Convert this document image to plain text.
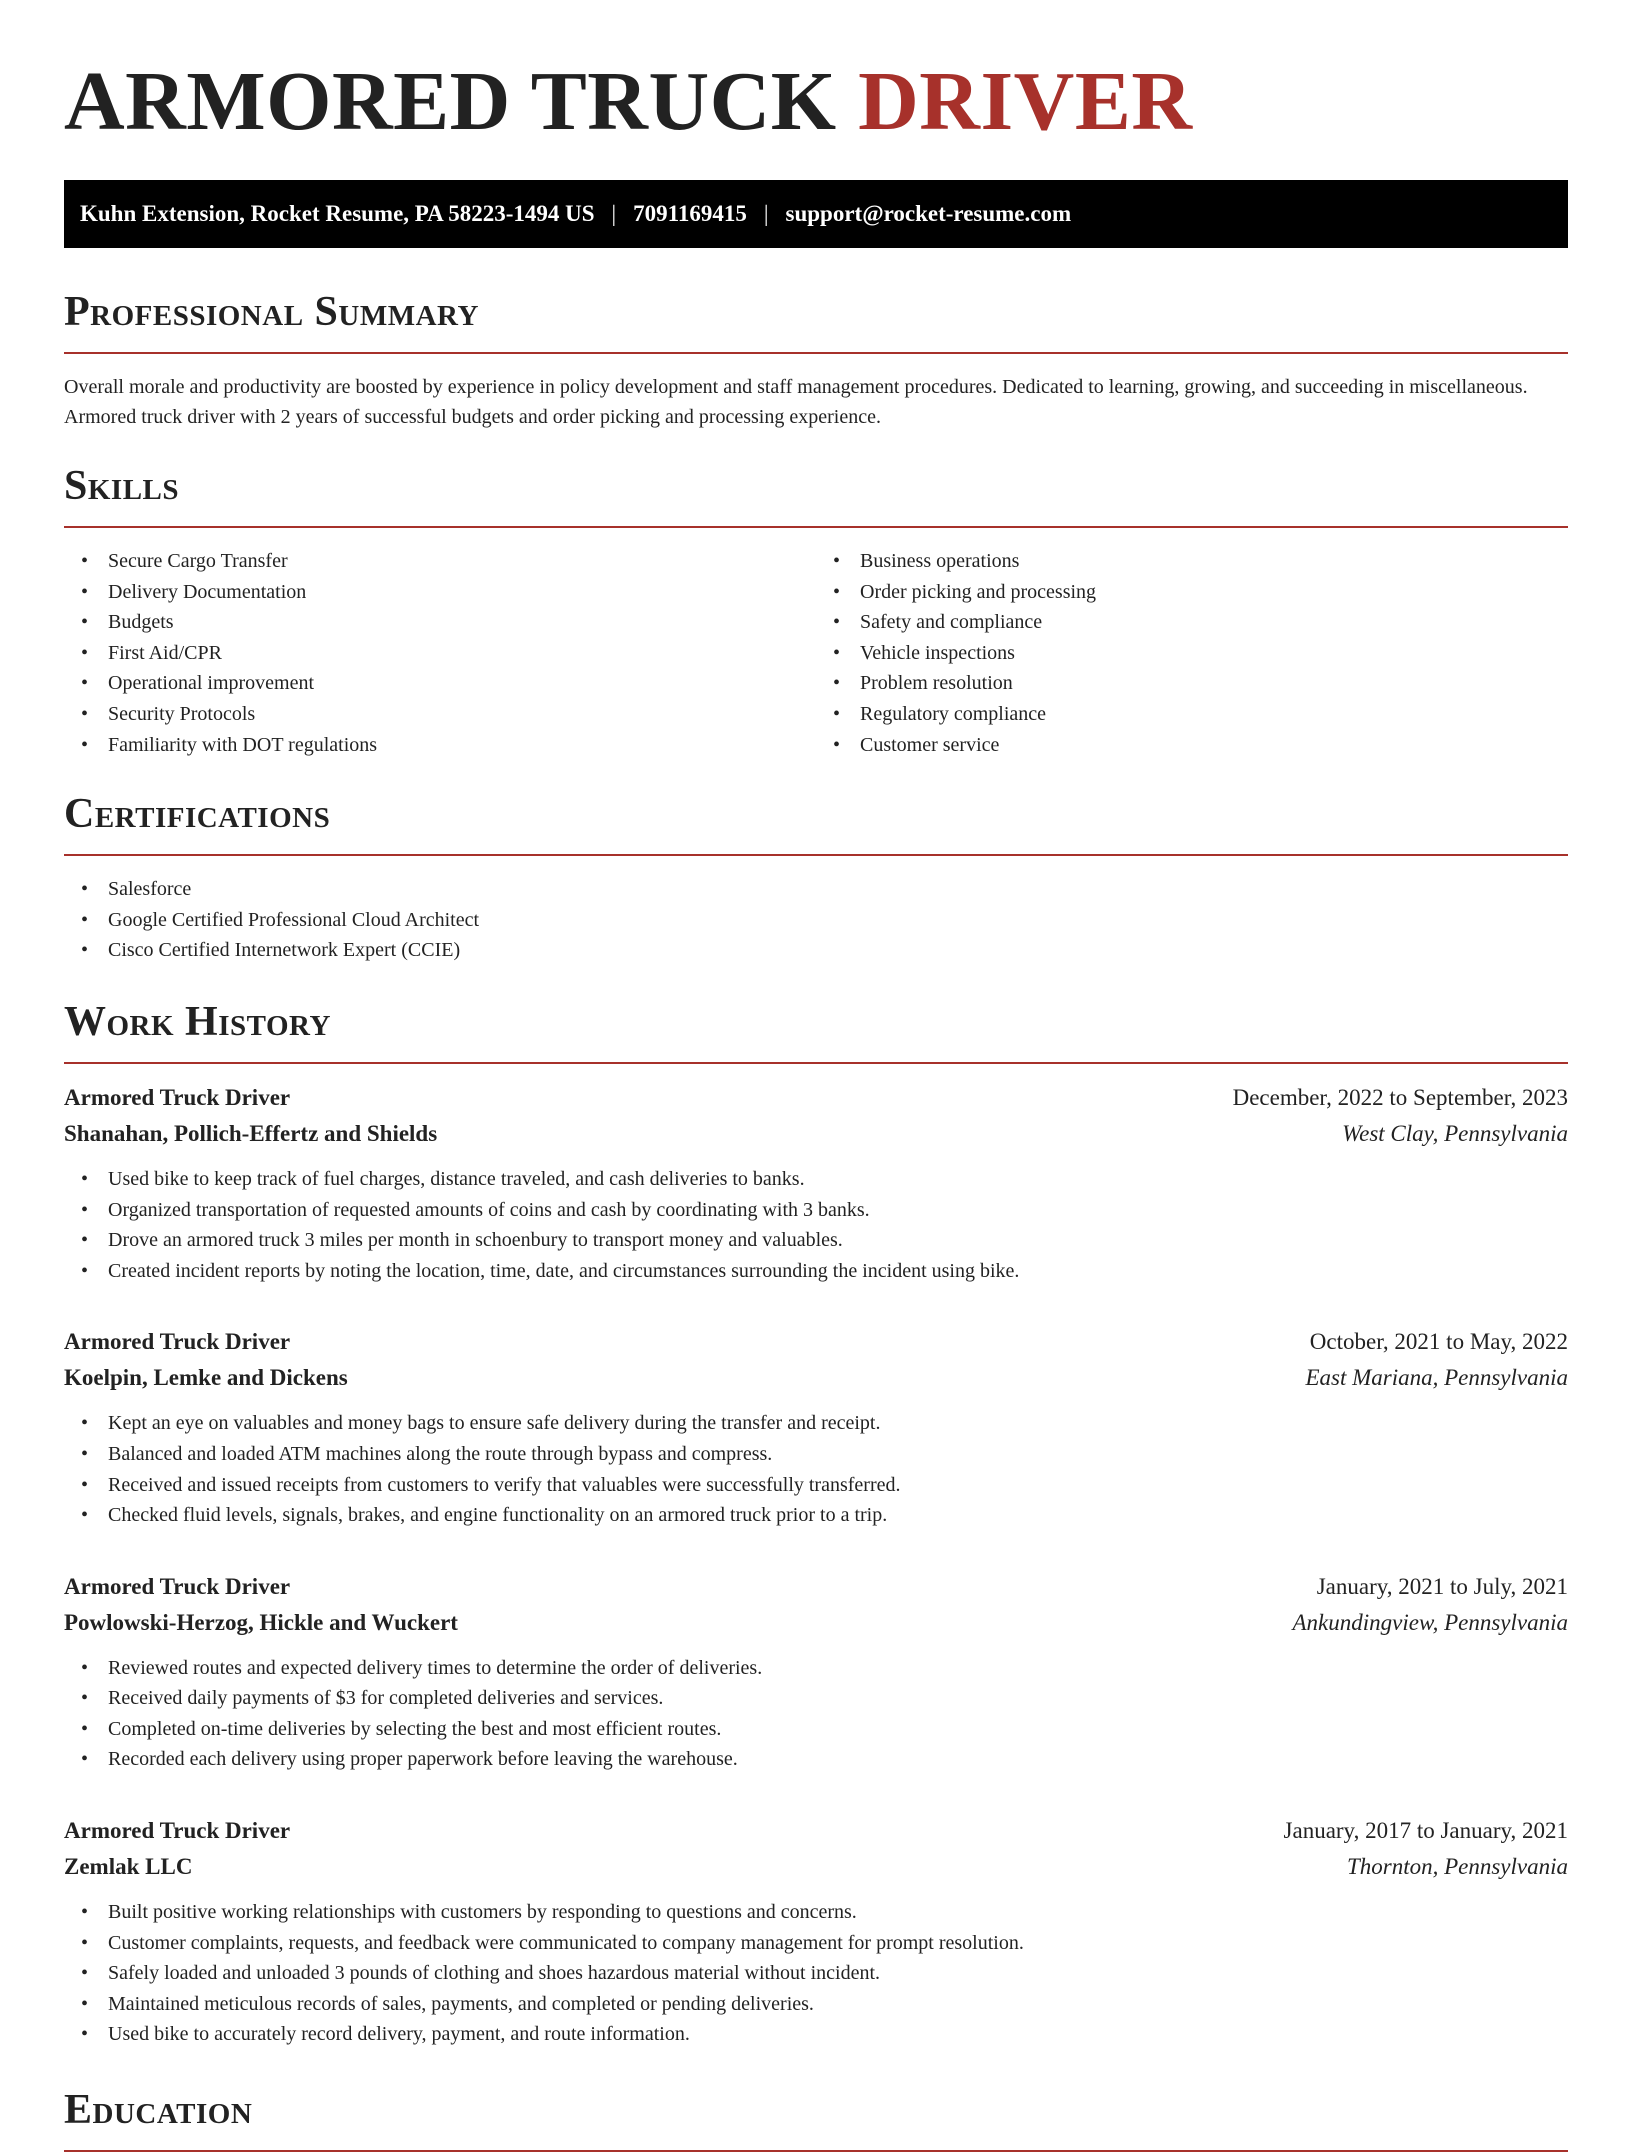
ARMORED TRUCK DRIVER
Kuhn Extension, Rocket Resume, PA 58223-1494 US | 7091169415 | support@rocket-resume.com
Professional Summary

Overall morale and productivity are boosted by experience in policy development and staff management procedures. Dedicated to learning, growing, and succeeding in miscellaneous. Armored truck driver with 2 years of successful budgets and order picking and processing experience.

Skills
• Secure Cargo Transfer
• Delivery Documentation
• Budgets
• First Aid/CPR
• Operational improvement
• Security Protocols
• Familiarity with DOT regulations
• Business operations
• Order picking and processing
• Safety and compliance
• Vehicle inspections
• Problem resolution
• Regulatory compliance
• Customer service
Certifications
• Salesforce
• Google Certified Professional Cloud Architect
• Cisco Certified Internetwork Expert (CCIE)
Work History
Armored Truck Driver	December, 2022 to September, 2023
Shanahan, Pollich-Effertz and Shields	West Clay, Pennsylvania
• Used bike to keep track of fuel charges, distance traveled, and cash deliveries to banks.
• Organized transportation of requested amounts of coins and cash by coordinating with 3 banks.
• Drove an armored truck 3 miles per month in schoenbury to transport money and valuables.
• Created incident reports by noting the location, time, date, and circumstances surrounding the incident using bike.
Armored Truck Driver	October, 2021 to May, 2022
Koelpin, Lemke and Dickens	East Mariana, Pennsylvania
• Kept an eye on valuables and money bags to ensure safe delivery during the transfer and receipt.
• Balanced and loaded ATM machines along the route through bypass and compress.
• Received and issued receipts from customers to verify that valuables were successfully transferred.
• Checked fluid levels, signals, brakes, and engine functionality on an armored truck prior to a trip.
Armored Truck Driver	January, 2021 to July, 2021
Powlowski-Herzog, Hickle and Wuckert	Ankundingview, Pennsylvania
• Reviewed routes and expected delivery times to determine the order of deliveries.
• Received daily payments of $3 for completed deliveries and services.
• Completed on-time deliveries by selecting the best and most efficient routes.
• Recorded each delivery using proper paperwork before leaving the warehouse.
Armored Truck Driver	January, 2017 to January, 2021
Zemlak LLC	Thornton, Pennsylvania
• Built positive working relationships with customers by responding to questions and concerns.
• Customer complaints, requests, and feedback were communicated to company management for prompt resolution.
• Safely loaded and unloaded 3 pounds of clothing and shoes hazardous material without incident.
• Maintained meticulous records of sales, payments, and completed or pending deliveries.
• Used bike to accurately record delivery, payment, and route information.
Education
